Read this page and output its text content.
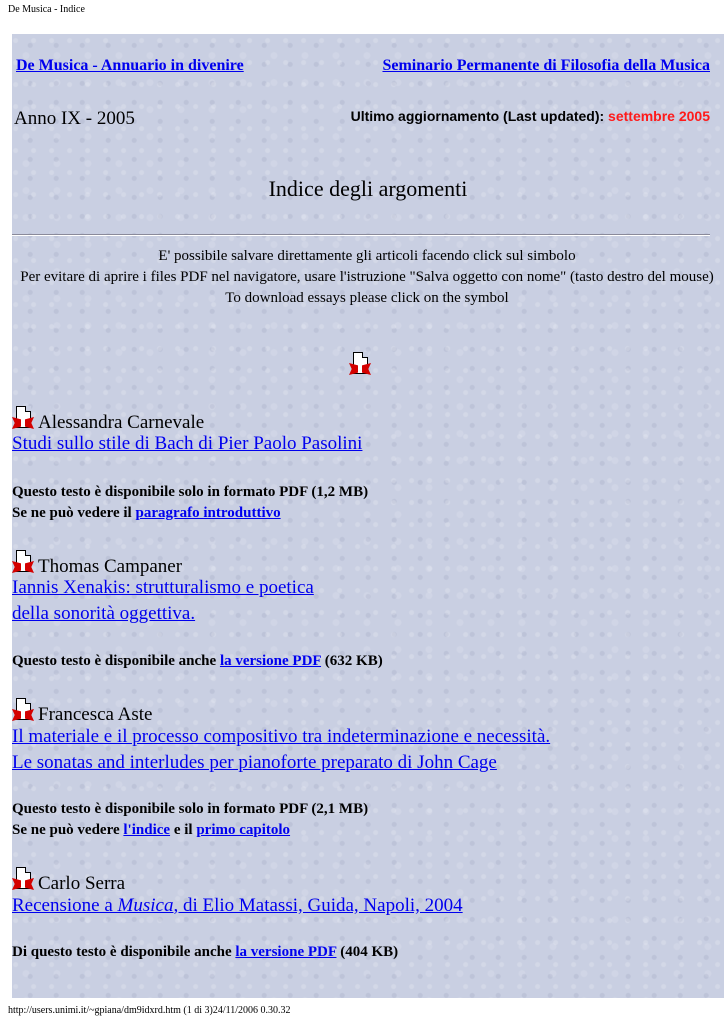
De Musica - Indice
De Musica - Annuario in divenire	Seminario Permanente di Filosofia della Musica
Anno IX - 2005	Ultimo aggiornamento (Last updated): settembre 2005
Indice degli argomenti
E' possibile salvare direttamente gli articoli facendo click sul simbolo
Per evitare di aprire i files PDF nel navigatore, usare l'istruzione "Salva oggetto con nome" (tasto destro del mouse)
To download essays please click on the symbol
Alessandra Carnevale
Studi sullo stile di Bach di Pier Paolo Pasolini
Questo testo è disponibile solo in formato PDF (1,2 MB)
Se ne può vedere il paragrafo introduttivo
Thomas Campaner
Iannis Xenakis: strutturalismo e poetica
della sonorità oggettiva.
Questo testo è disponibile anche la versione PDF (632 KB)
Francesca Aste
Il materiale e il processo compositivo tra indeterminazione e necessità.
Le sonatas and interludes per pianoforte preparato di John Cage
Questo testo è disponibile solo in formato PDF (2,1 MB)
Se ne può vedere l'indice e il primo capitolo
Carlo Serra
Recensione a Musica, di Elio Matassi, Guida, Napoli, 2004
Di questo testo è disponibile anche la versione PDF (404 KB)
http://users.unimi.it/~gpiana/dm9idxrd.htm (1 di 3)24/11/2006 0.30.32
